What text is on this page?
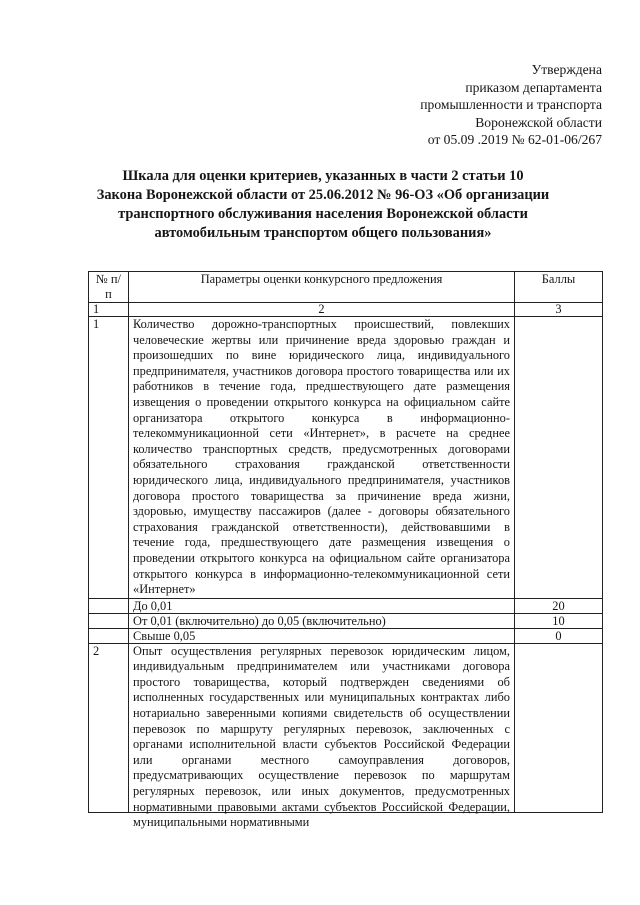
Утверждена
приказом департамента
промышленности и транспорта
Воронежской области
от 05.09 .2019 № 62-01-06/267
Шкала для оценки критериев, указанных в части 2 статьи 10
Закона Воронежской области от 25.06.2012 № 96-ОЗ «Об организации
транспортного обслуживания населения Воронежской области
автомобильным транспортом общего пользования»
№ п/п	Параметры оценки конкурсного предложения	Баллы
1	2	3
1	Количество дорожно-транспортных происшествий, повлекших человеческие жертвы или причинение вреда здоровью граждан и произошедших по вине юридического лица, индивидуального предпринимателя, участников договора простого товарищества или их работников в течение года, предшествующего дате размещения извещения о проведении открытого конкурса на официальном сайте организатора открытого конкурса в информационно-телекоммуникационной сети «Интернет», в расчете на среднее количество транспортных средств, предусмотренных договорами обязательного страхования гражданской ответственности юридического лица, индивидуального предпринимателя, участников договора простого товарищества за причинение вреда жизни, здоровью, имуществу пассажиров (далее - договоры обязательного страхования гражданской ответственности), действовавшими в течение года, предшествующего дате размещения извещения о проведении открытого конкурса на официальном сайте организатора открытого конкурса в информационно-телекоммуникационной сети «Интернет»	
	До 0,01	20
	От 0,01 (включительно) до 0,05 (включительно)	10
	Свыше 0,05	0
2	Опыт осуществления регулярных перевозок юридическим лицом, индивидуальным предпринимателем или участниками договора простого товарищества, который подтвержден сведениями об исполненных государственных или муниципальных контрактах либо нотариально заверенными копиями свидетельств об осуществлении перевозок по маршруту регулярных перевозок, заключенных с органами исполнительной власти субъектов Российской Федерации или органами местного самоуправления договоров, предусматривающих осуществление перевозок по маршрутам регулярных перевозок, или иных документов, предусмотренных нормативными правовыми актами субъектов Российской Федерации, муниципальными нормативными	
